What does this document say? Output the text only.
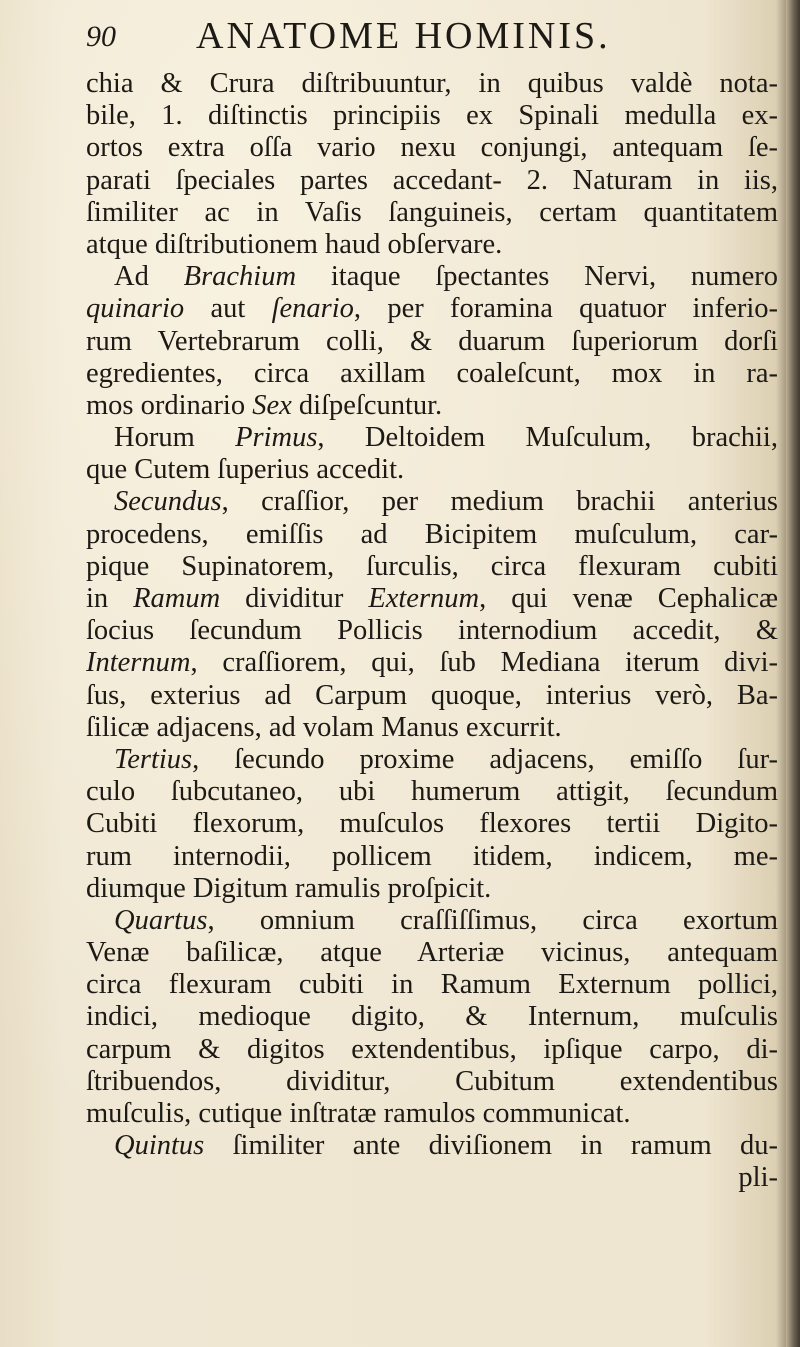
90 ANATOME HOMINIS.
chia & Crura diſtribuuntur, in quibus valdè nota-
bile, 1. diſtinctis principiis ex Spinali medulla ex-
ortos extra oſſa vario nexu conjungi, antequam ſe-
parati ſpeciales partes accedant- 2. Naturam in iis,
ſimiliter ac in Vaſis ſanguineis, certam quantitatem
atque diſtributionem haud obſervare.
Ad Brachium itaque ſpectantes Nervi, numero
quinario aut ſenario, per foramina quatuor inferio-
rum Vertebrarum colli, & duarum ſuperiorum dorſi
egredientes, circa axillam coaleſcunt, mox in ra-
mos ordinario Sex diſpeſcuntur.
Horum Primus, Deltoidem Muſculum, brachii,
que Cutem ſuperius accedit.
Secundus, craſſior, per medium brachii anterius
procedens, emiſſis ad Bicipitem muſculum, car-
pique Supinatorem, ſurculis, circa flexuram cubiti
in Ramum dividitur Externum, qui venæ Cephalicæ
ſocius ſecundum Pollicis internodium accedit, &
Internum, craſſiorem, qui, ſub Mediana iterum divi-
ſus, exterius ad Carpum quoque, interius verò, Ba-
ſilicæ adjacens, ad volam Manus excurrit.
Tertius, ſecundo proxime adjacens, emiſſo ſur-
culo ſubcutaneo, ubi humerum attigit, ſecundum
Cubiti flexorum, muſculos flexores tertii Digito-
rum internodii, pollicem itidem, indicem, me-
diumque Digitum ramulis proſpicit.
Quartus, omnium craſſiſſimus, circa exortum
Venæ baſilicæ, atque Arteriæ vicinus, antequam
circa flexuram cubiti in Ramum Externum pollici,
indici, medioque digito, & Internum, muſculis
carpum & digitos extendentibus, ipſique carpo, di-
ſtribuendos, dividitur, Cubitum extendentibus
muſculis, cutique inſtratæ ramulos communicat.
Quintus ſimiliter ante diviſionem in ramum du-
pli-
